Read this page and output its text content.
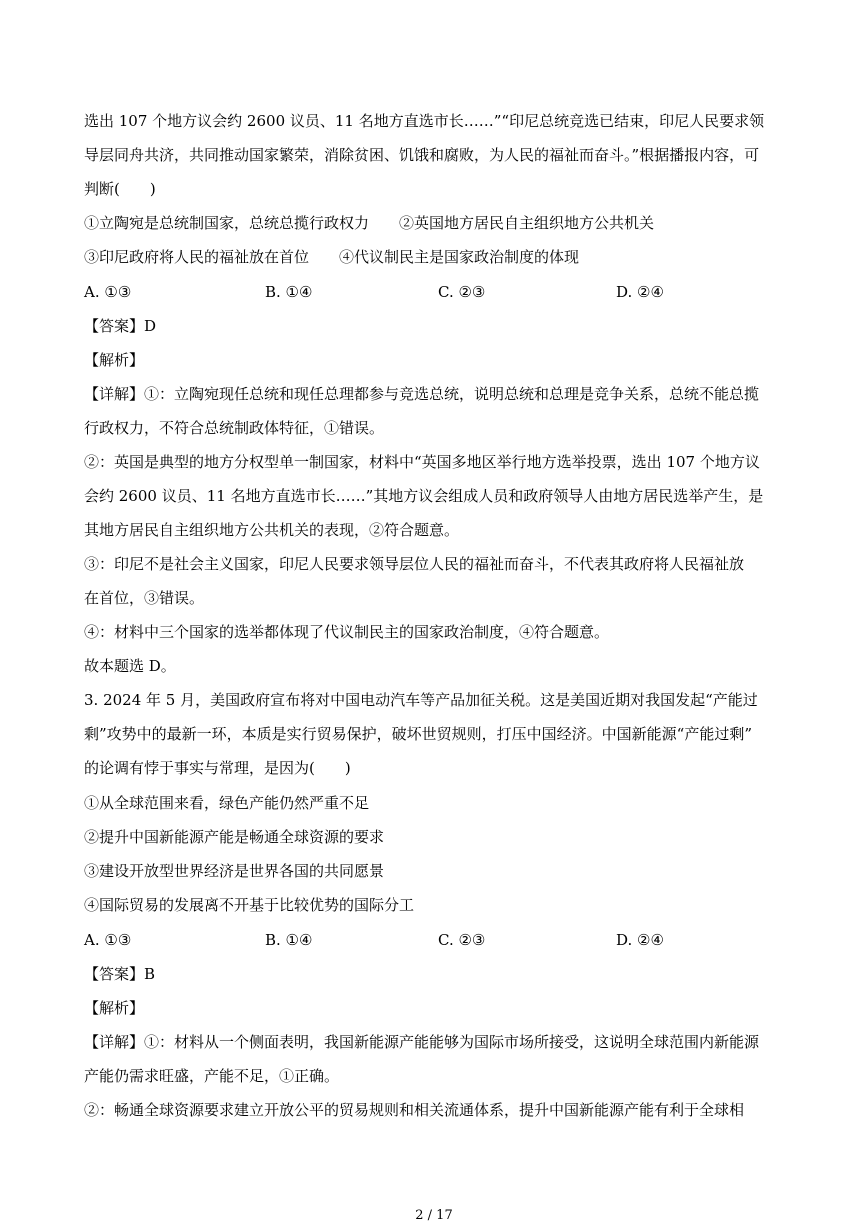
选出 107 个地方议会约 2600 议员、11 名地方直选市长……”“印尼总统竞选已结束，印尼人民要求领
导层同舟共济，共同推动国家繁荣，消除贫困、饥饿和腐败，为人民的福祉而奋斗。”根据播报内容，可
判断(　　)
①立陶宛是总统制国家，总统总揽行政权力　　②英国地方居民自主组织地方公共机关
③印尼政府将人民的福祉放在首位　　④代议制民主是国家政治制度的体现
A. ①③	B. ①④	C. ②③	D. ②④
【答案】D
【解析】
【详解】①：立陶宛现任总统和现任总理都参与竞选总统，说明总统和总理是竞争关系，总统不能总揽
行政权力，不符合总统制政体特征，①错误。
②：英国是典型的地方分权型单一制国家，材料中“英国多地区举行地方选举投票，选出 107 个地方议
会约 2600 议员、11 名地方直选市长……”其地方议会组成人员和政府领导人由地方居民选举产生，是
其地方居民自主组织地方公共机关的表现，②符合题意。
③：印尼不是社会主义国家，印尼人民要求领导层位人民的福祉而奋斗，不代表其政府将人民福祉放
在首位，③错误。
④：材料中三个国家的选举都体现了代议制民主的国家政治制度，④符合题意。
故本题选 D。
3. 2024 年 5 月，美国政府宣布将对中国电动汽车等产品加征关税。这是美国近期对我国发起“产能过
剩”攻势中的最新一环，本质是实行贸易保护，破坏世贸规则，打压中国经济。中国新能源“产能过剩”
的论调有悖于事实与常理，是因为(　　)
①从全球范围来看，绿色产能仍然严重不足
②提升中国新能源产能是畅通全球资源的要求
③建设开放型世界经济是世界各国的共同愿景
④国际贸易的发展离不开基于比较优势的国际分工
A. ①③	B. ①④	C. ②③	D. ②④
【答案】B
【解析】
【详解】①：材料从一个侧面表明，我国新能源产能能够为国际市场所接受，这说明全球范围内新能源
产能仍需求旺盛，产能不足，①正确。
②：畅通全球资源要求建立开放公平的贸易规则和相关流通体系，提升中国新能源产能有利于全球相
2 / 17
